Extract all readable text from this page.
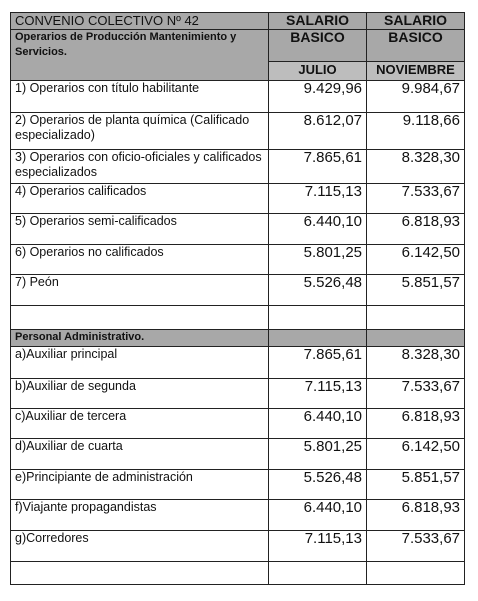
CONVENIO COLECTIVO Nº 42	SALARIO	SALARIO
Operarios de Producción Mantenimiento y Servicios.	BASICO	BASICO
	JULIO	NOVIEMBRE
1) Operarios con título habilitante	9.429,96	9.984,67
2) Operarios de planta química (Calificado especializado)	8.612,07	9.118,66
3) Operarios con oficio-oficiales y calificados especializados	7.865,61	8.328,30
4) Operarios calificados	7.115,13	7.533,67
5) Operarios semi-calificados	6.440,10	6.818,93
6) Operarios no calificados	5.801,25	6.142,50
7) Peón	5.526,48	5.851,57

Personal Administrativo.		
a)Auxiliar principal	7.865,61	8.328,30
b)Auxiliar de segunda	7.115,13	7.533,67
c)Auxiliar de tercera	6.440,10	6.818,93
d)Auxiliar de cuarta	5.801,25	6.142,50
e)Principiante de administración	5.526,48	5.851,57
f)Viajante propagandistas	6.440,10	6.818,93
g)Corredores	7.115,13	7.533,67
